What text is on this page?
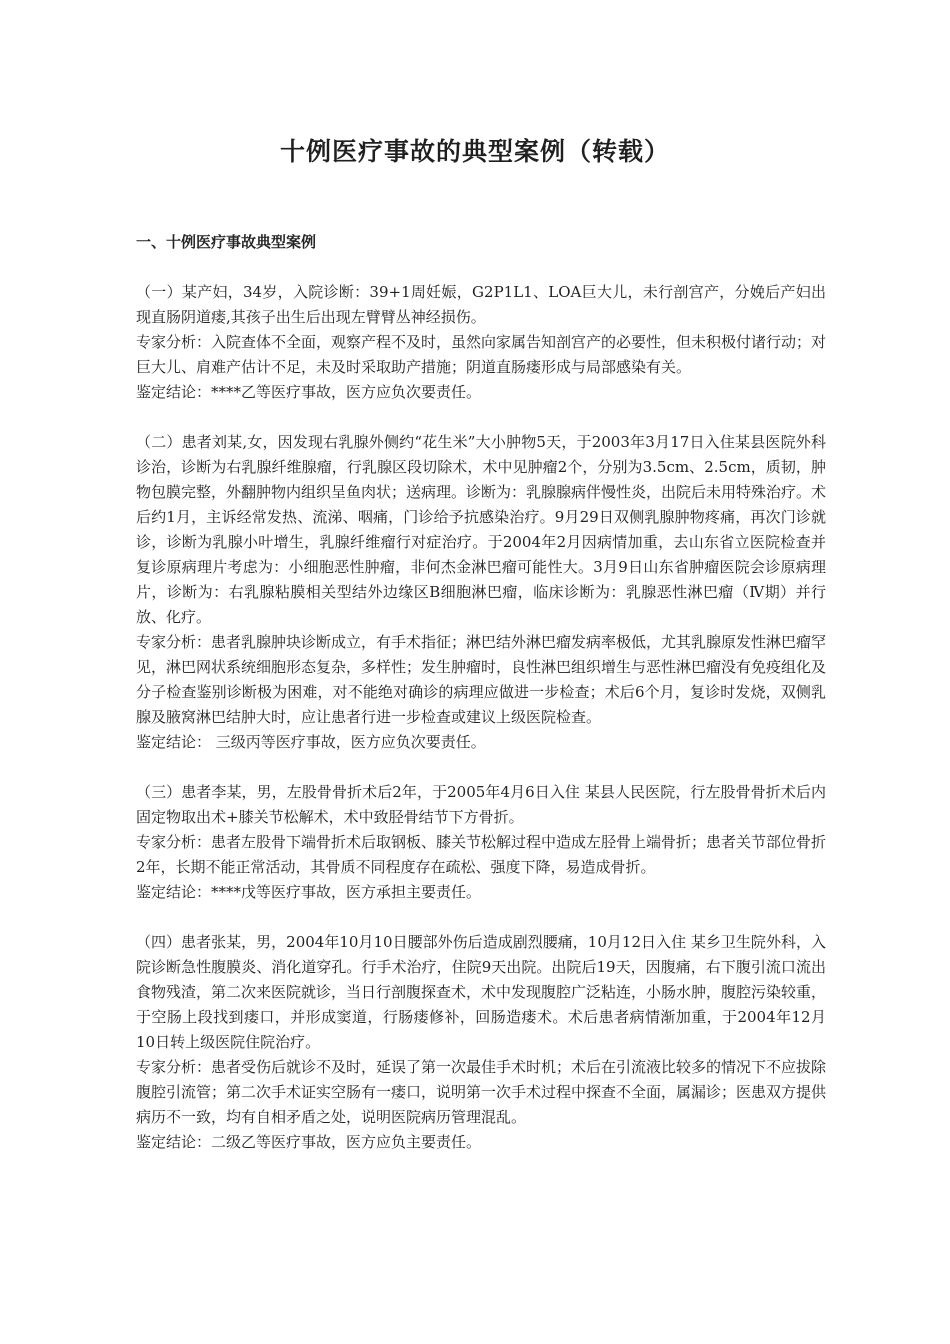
十例医疗事故的典型案例（转载）
一、十例医疗事故典型案例

（一）某产妇，34岁，入院诊断：39+1周妊娠，G2P1L1、LOA巨大儿，未行剖宫产，分娩后产妇出现直肠阴道瘘,其孩子出生后出现左臂臂丛神经损伤。

专家分析：入院查体不全面，观察产程不及时，虽然向家属告知剖宫产的必要性，但未积极付诸行动；对巨大儿、肩难产估计不足，未及时采取助产措施；阴道直肠瘘形成与局部感染有关。

鉴定结论：****乙等医疗事故，医方应负次要责任。

（二）患者刘某,女，因发现右乳腺外侧约“花生米”大小肿物5天，于2003年3月17日入住某县医院外科诊治，诊断为右乳腺纤维腺瘤，行乳腺区段切除术，术中见肿瘤2个，分别为3.5cm、2.5cm，质韧，肿物包膜完整，外翻肿物内组织呈鱼肉状；送病理。诊断为：乳腺腺病伴慢性炎，出院后未用特殊治疗。术后约1月，主诉经常发热、流涕、咽痛，门诊给予抗感染治疗。9月29日双侧乳腺肿物疼痛，再次门诊就诊，诊断为乳腺小叶增生，乳腺纤维瘤行对症治疗。于2004年2月因病情加重，去山东省立医院检查并复诊原病理片考虑为：小细胞恶性肿瘤，非何杰金淋巴瘤可能性大。3月9日山东省肿瘤医院会诊原病理片，诊断为：右乳腺粘膜相关型结外边缘区B细胞淋巴瘤，临床诊断为：乳腺恶性淋巴瘤（Ⅳ期）并行放、化疗。

专家分析：患者乳腺肿块诊断成立，有手术指征；淋巴结外淋巴瘤发病率极低，尤其乳腺原发性淋巴瘤罕见，淋巴网状系统细胞形态复杂，多样性；发生肿瘤时，良性淋巴组织增生与恶性淋巴瘤没有免疫组化及分子检查鉴别诊断极为困难，对不能绝对确诊的病理应做进一步检查；术后6个月，复诊时发烧，双侧乳腺及腋窝淋巴结肿大时，应让患者行进一步检查或建议上级医院检查。

鉴定结论： 三级丙等医疗事故，医方应负次要责任。

（三）患者李某，男，左股骨骨折术后2年，于2005年4月6日入住 某县人民医院，行左股骨骨折术后内固定物取出术+膝关节松解术，术中致胫骨结节下方骨折。

专家分析：患者左股骨下端骨折术后取钢板、膝关节松解过程中造成左胫骨上端骨折；患者关节部位骨折2年，长期不能正常活动，其骨质不同程度存在疏松、强度下降，易造成骨折。

鉴定结论：****戊等医疗事故，医方承担主要责任。

（四）患者张某，男，2004年10月10日腰部外伤后造成剧烈腰痛，10月12日入住 某乡卫生院外科，入院诊断急性腹膜炎、消化道穿孔。行手术治疗，住院9天出院。出院后19天，因腹痛，右下腹引流口流出食物残渣，第二次来医院就诊，当日行剖腹探查术，术中发现腹腔广泛粘连，小肠水肿，腹腔污染较重，于空肠上段找到瘘口，并形成窦道，行肠瘘修补，回肠造瘘术。术后患者病情渐加重，于2004年12月10日转上级医院住院治疗。

专家分析：患者受伤后就诊不及时，延误了第一次最佳手术时机；术后在引流液比较多的情况下不应拔除腹腔引流管；第二次手术证实空肠有一瘘口，说明第一次手术过程中探查不全面，属漏诊；医患双方提供病历不一致，均有自相矛盾之处，说明医院病历管理混乱。

鉴定结论：二级乙等医疗事故，医方应负主要责任。
